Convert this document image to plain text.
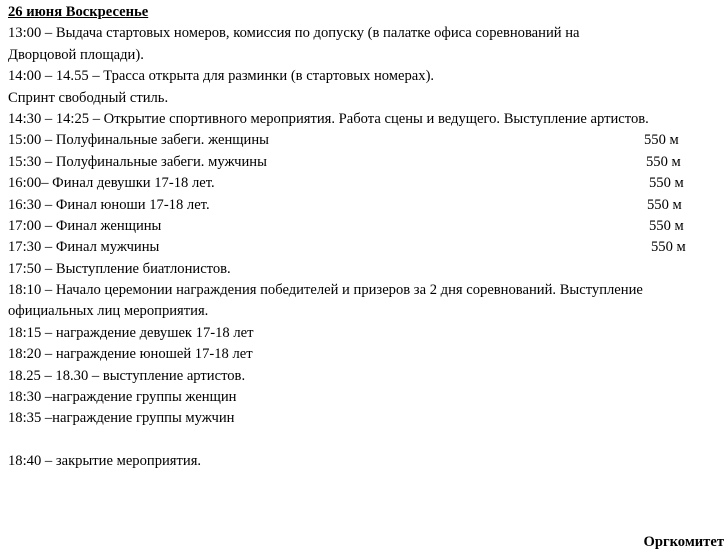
26 июня Воскресенье
13:00 – Выдача стартовых номеров, комиссия по допуску (в палатке офиса соревнований на
Дворцовой площади).
14:00 – 14.55 – Трасса открыта для разминки (в стартовых номерах).
Спринт свободный стиль.
14:30 – 14:25 – Открытие спортивного мероприятия. Работа сцены и ведущего. Выступление артистов.
15:00 – Полуфинальные забеги. женщины	550 м
15:30 – Полуфинальные забеги. мужчины	550 м
16:00– Финал девушки 17-18 лет.	550 м
16:30 – Финал юноши 17-18 лет.	550 м
17:00 – Финал женщины	550 м
17:30 – Финал мужчины	550 м
17:50 – Выступление биатлонистов.
18:10 – Начало церемонии награждения победителей и призеров за 2 дня соревнований. Выступление
официальных лиц мероприятия.
18:15 – награждение девушек 17-18 лет
18:20 – награждение юношей 17-18 лет
18.25 – 18.30 – выступление артистов.
18:30 –награждение группы женщин
18:35 –награждение группы мужчин
18:40 – закрытие мероприятия.
Оргкомитет
